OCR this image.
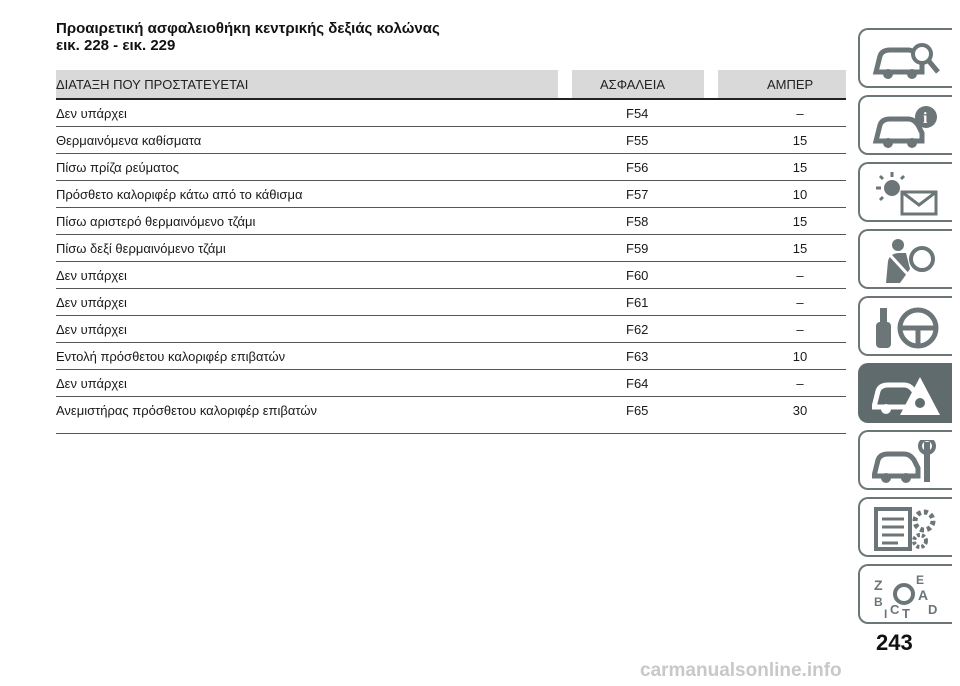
Προαιρετική ασφαλειοθήκη κεντρικής δεξιάς κολώνας
εικ. 228 - εικ. 229
ΔΙΑΤΑΞΗ ΠΟΥ ΠΡΟΣΤΑΤΕΥΕΤΑΙ	ΑΣΦΑΛΕΙΑ	ΑΜΠΕΡ
Δεν υπάρχει	F54	–
Θερμαινόμενα καθίσματα	F55	15
Πίσω πρίζα ρεύματος	F56	15
Πρόσθετο καλοριφέρ κάτω από το κάθισμα	F57	10
Πίσω αριστερό θερμαινόμενο τζάμι	F58	15
Πίσω δεξί θερμαινόμενο τζάμι	F59	15
Δεν υπάρχει	F60	–
Δεν υπάρχει	F61	–
Δεν υπάρχει	F62	–
Εντολή πρόσθετου καλοριφέρ επιβατών	F63	10
Δεν υπάρχει	F64	–
Ανεμιστήρας πρόσθετου καλοριφέρ επιβατών	F65	30
i
Z	E
A
B C T D
I
243
carmanualsonline.info
